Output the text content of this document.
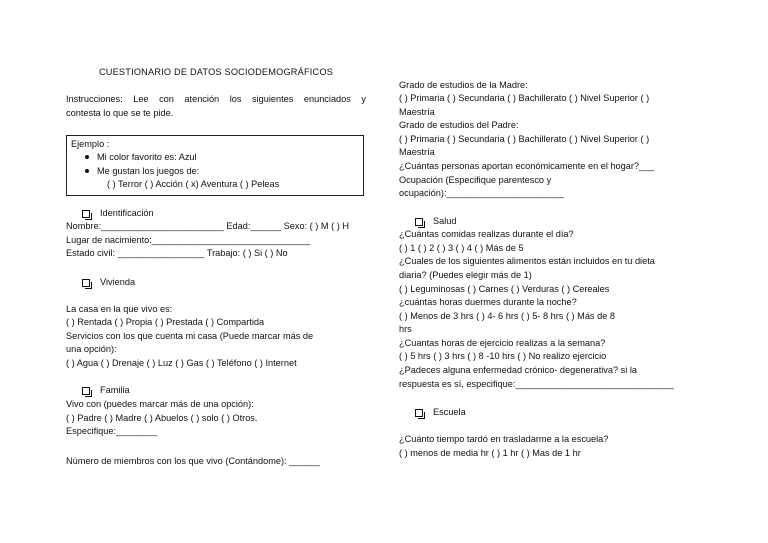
CUESTIONARIO DE DATOS SOCIODEMOGRÁFICOS
Instrucciones: Lee con atención los siguientes enunciados y
contesta lo que se te pide.
Ejemplo :
Mi color favorito es: Azul
Me gustan los juegos de:
( ) Terror ( ) Acción ( x) Aventura ( ) Peleas
Identificación
Nombre:________________________ Edad:______ Sexo: ( ) M ( ) H
Lugar de nacimiento:_______________________________
Estado civil: _________________ Trabajo: ( ) Si ( ) No
Vivienda
La casa en la que vivo es:
( ) Rentada ( ) Propia ( ) Prestada ( ) Compartida
Servicios con los que cuenta mi casa (Puede marcar más de
una opción):
( ) Agua ( ) Drenaje ( ) Luz ( ) Gas ( ) Teléfono ( ) Internet
Familia
Vivo con (puedes marcar más de una opción):
( ) Padre ( ) Madre ( ) Abuelos ( ) solo ( ) Otros.
Especifique:________
Número de miembros con los que vivo (Contándome): ______
Grado de estudios de la Madre:
( ) Primaria ( ) Secundaria ( ) Bachillerato ( ) Nivel Superior ( )
Maestría
Grado de estudios del Padre:
( ) Primaria ( ) Secundaria ( ) Bachillerato ( ) Nivel Superior ( )
Maestría
¿Cuántas personas aportan económicamente en el hogar?___
Ocupación (Especifique parentesco y
ocupación):_______________________
Salud
¿Cuántas comidas realizas durante el día?
( ) 1 ( ) 2 ( ) 3 ( ) 4 ( ) Más de 5
¿Cuales de los siguientes alimentos están incluidos en tu dieta
diaria? (Puedes elegir más de 1)
( ) Leguminosas ( ) Carnes ( ) Verduras ( ) Cereales
¿cuántas horas duermes durante la noche?
( ) Menos de 3 hrs ( ) 4- 6 hrs ( ) 5- 8 hrs ( ) Más de 8
hrs
¿Cuantas horas de ejercicio realizas a la semana?
( ) 5 hrs ( ) 3 hrs ( ) 8 -10 hrs ( ) No realizo ejercicio
¿Padeces alguna enfermedad crónico- degenerativa? si la
respuesta es sí, especifique:_______________________________
Escuela
¿Cuánto tiempo tardó en trasladarme a la escuela?
( ) menos de media hr ( ) 1 hr ( ) Mas de 1 hr
